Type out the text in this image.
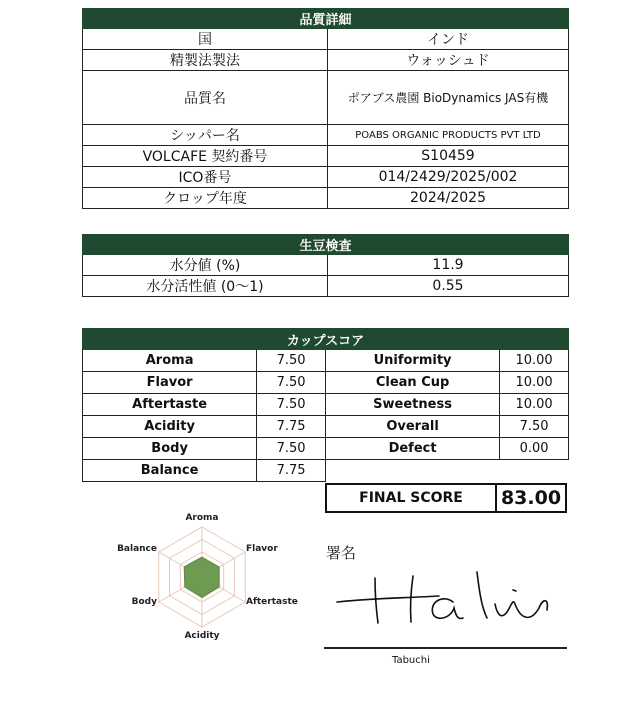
品質詳細	
国	インド
精製法製法	ウォッシュド
品質名	ポアブス農園 BioDynamics JAS有機
シッパー名	POABS ORGANIC PRODUCTS PVT LTD
VOLCAFE 契約番号	S10459
ICO番号	014/2429/2025/002
クロップ年度	2024/2025
生豆検査	
水分値 (%)	11.9
水分活性値 (0〜1)	0.55
カップスコア			
Aroma	7.50	Uniformity	10.00
Flavor	7.50	Clean Cup	10.00
Aftertaste	7.50	Sweetness	10.00
Acidity	7.75	Overall	7.50
Body	7.50	Defect	0.00
Balance	7.75		
FINAL SCORE	83.00
Aroma
Flavor
Aftertaste
Acidity
Body
Balance	署名
Tabuchi
